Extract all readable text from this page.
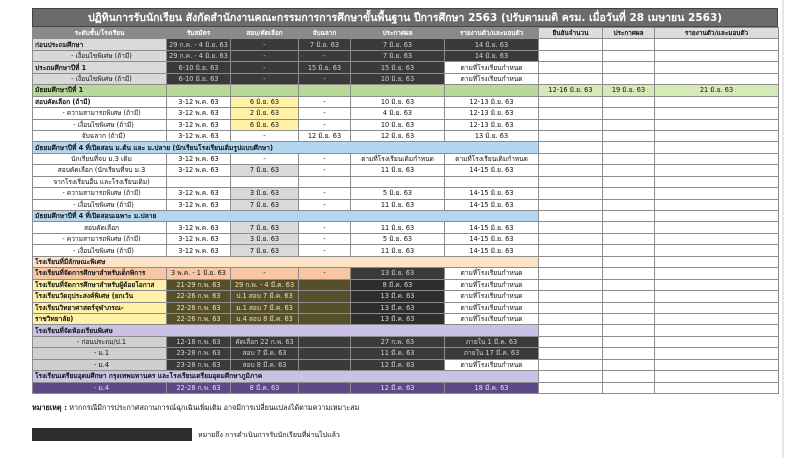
ปฏิทินการรับนักเรียน สังกัดสำนักงานคณะกรรมการการศึกษาขั้นพื้นฐาน ปีการศึกษา 2563 (ปรับตามมติ ครม. เมื่อวันที่ 28 เมษายน 2563)
ระดับชั้น/โรงเรียน	รับสมัคร	สอบ/คัดเลือก	จับฉลาก	ประกาศผล	รายงานตัว/และมอบตัว	ยืนยันจำนวน	ประกาศผล	รายงานตัว/และมอบตัว
ก่อนประถมศึกษา	29 ก.ค. - 4 มิ.ย. 63	-	7 มิ.ย. 63	7 มิ.ย. 63	14 มิ.ย. 63			
- เงื่อนไขพิเศษ (ถ้ามี)	29 ก.ค. - 4 มิ.ย. 63	-	-	7 มิ.ย. 63	14 มิ.ย. 63			
ประถมศึกษาปีที่ 1	6-10 มิ.ย. 63	-	15 มิ.ย. 63	15 มิ.ย. 63	ตามที่โรงเรียนกำหนด			
- เงื่อนไขพิเศษ (ถ้ามี)	6-10 มิ.ย. 63	-	-	10 มิ.ย. 63	ตามที่โรงเรียนกำหนด			
มัธยมศึกษาปีที่ 1						12-16 มิ.ย. 63	19 มิ.ย. 63	21 มิ.ย. 63
สอบคัดเลือก (ถ้ามี)	3-12 พ.ค. 63	6 มิ.ย. 63	-	10 มิ.ย. 63	12-13 มิ.ย. 63			
- ความสามารถพิเศษ (ถ้ามี)	3-12 พ.ค. 63	2 มิ.ย. 63	-	4 มิ.ย. 63	12-13 มิ.ย. 63			
- เงื่อนไขพิเศษ (ถ้ามี)	3-12 พ.ค. 63	6 มิ.ย. 63	-	10 มิ.ย. 63	12-13 มิ.ย. 63			
จับฉลาก (ถ้ามี)	3-12 พ.ค. 63	-	12 มิ.ย. 63	12 มิ.ย. 63	13 มิ.ย. 63			
มัธยมศึกษาปีที่ 4 ที่เปิดสอน ม.ต้น และ ม.ปลาย (นักเรียนโรงเรียนเดิมรูปแบบศึกษา)								
นักเรียนที่จบ ม.3 เดิม	3-12 พ.ค. 63	-	-	ตามที่โรงเรียนเดิมกำหนด	ตามที่โรงเรียนเดิมกำหนด			
สอบคัดเลือก (นักเรียนที่จบ ม.3	3-12 พ.ค. 63	7 มิ.ย. 63	-	11 มิ.ย. 63	14-15 มิ.ย. 63			
จากโรงเรียนอื่น และโรงเรียนเดิม)								
- ความสามารถพิเศษ (ถ้ามี)	3-12 พ.ค. 63	3 มิ.ย. 63	-	5 มิ.ย. 63	14-15 มิ.ย. 63			
- เงื่อนไขพิเศษ (ถ้ามี)	3-12 พ.ค. 63	7 มิ.ย. 63	-	11 มิ.ย. 63	14-15 มิ.ย. 63			
มัธยมศึกษาปีที่ 4 ที่เปิดสอนเฉพาะ ม.ปลาย								
สอบคัดเลือก	3-12 พ.ค. 63	7 มิ.ย. 63	-	11 มิ.ย. 63	14-15 มิ.ย. 63			
- ความสามารถพิเศษ (ถ้ามี)	3-12 พ.ค. 63	3 มิ.ย. 63	-	5 มิ.ย. 63	14-15 มิ.ย. 63			
- เงื่อนไขพิเศษ (ถ้ามี)	3-12 พ.ค. 63	7 มิ.ย. 63	-	11 มิ.ย. 63	14-15 มิ.ย. 63			
โรงเรียนที่มีลักษณะพิเศษ								
โรงเรียนที่จัดการศึกษาสำหรับเด็กพิการ	3 พ.ค. - 1 มิ.ย. 63	-	-	13 มิ.ย. 63	ตามที่โรงเรียนกำหนด			
โรงเรียนที่จัดการศึกษาสำหรับผู้ด้อยโอกาส	21-29 ก.พ. 63	29 ก.พ. - 4 มี.ค. 63		8 มี.ค. 63	ตามที่โรงเรียนกำหนด			
โรงเรียนวัตถุประสงค์พิเศษ (ยกเว้น	22-26 ก.พ. 63	ป.1 สอบ 7 มี.ค. 63		13 มี.ค. 63	ตามที่โรงเรียนกำหนด			
โรงเรียนวิทยาศาสตร์จุฬาภรณ-	22-26 ก.พ. 63	ม.1 สอบ 7 มี.ค. 63		13 มี.ค. 63	ตามที่โรงเรียนกำหนด			
ราชวิทยาลัย)	22-26 ก.พ. 63	ม.4 สอบ 8 มี.ค. 63		13 มี.ค. 63	ตามที่โรงเรียนกำหนด			
โรงเรียนที่จัดห้องเรียนพิเศษ								
- ก่อนประถม/ป.1	12-16 ก.พ. 63	คัดเลือก 22 ก.พ. 63		27 ก.พ. 63	ภายใน 1 มี.ค. 63			
- ม.1	23-28 ก.พ. 63	สอบ 7 มี.ค. 63		11 มี.ค. 63	ภายใน 17 มี.ค. 63			
- ม.4	23-28 ก.พ. 63	สอบ 8 มี.ค. 63		12 มี.ค. 63	ตามที่โรงเรียนกำหนด			
โรงเรียนเตรียมอุดมศึกษา กรุงเทพมหานคร และโรงเรียนเตรียมอุดมศึกษาภูมิภาค								
- ม.4	22-28 ก.พ. 63	8 มี.ค. 63		12 มี.ค. 63	18 มี.ค. 63			
หมายเหตุ : หากกรณีมีการประกาศสถานการณ์ฉุกเฉินเพิ่มเติม อาจมีการเปลี่ยนแปลงได้ตามความเหมาะสม
หมายถึง การดำเนินการรับนักเรียนที่ผ่านไปแล้ว
